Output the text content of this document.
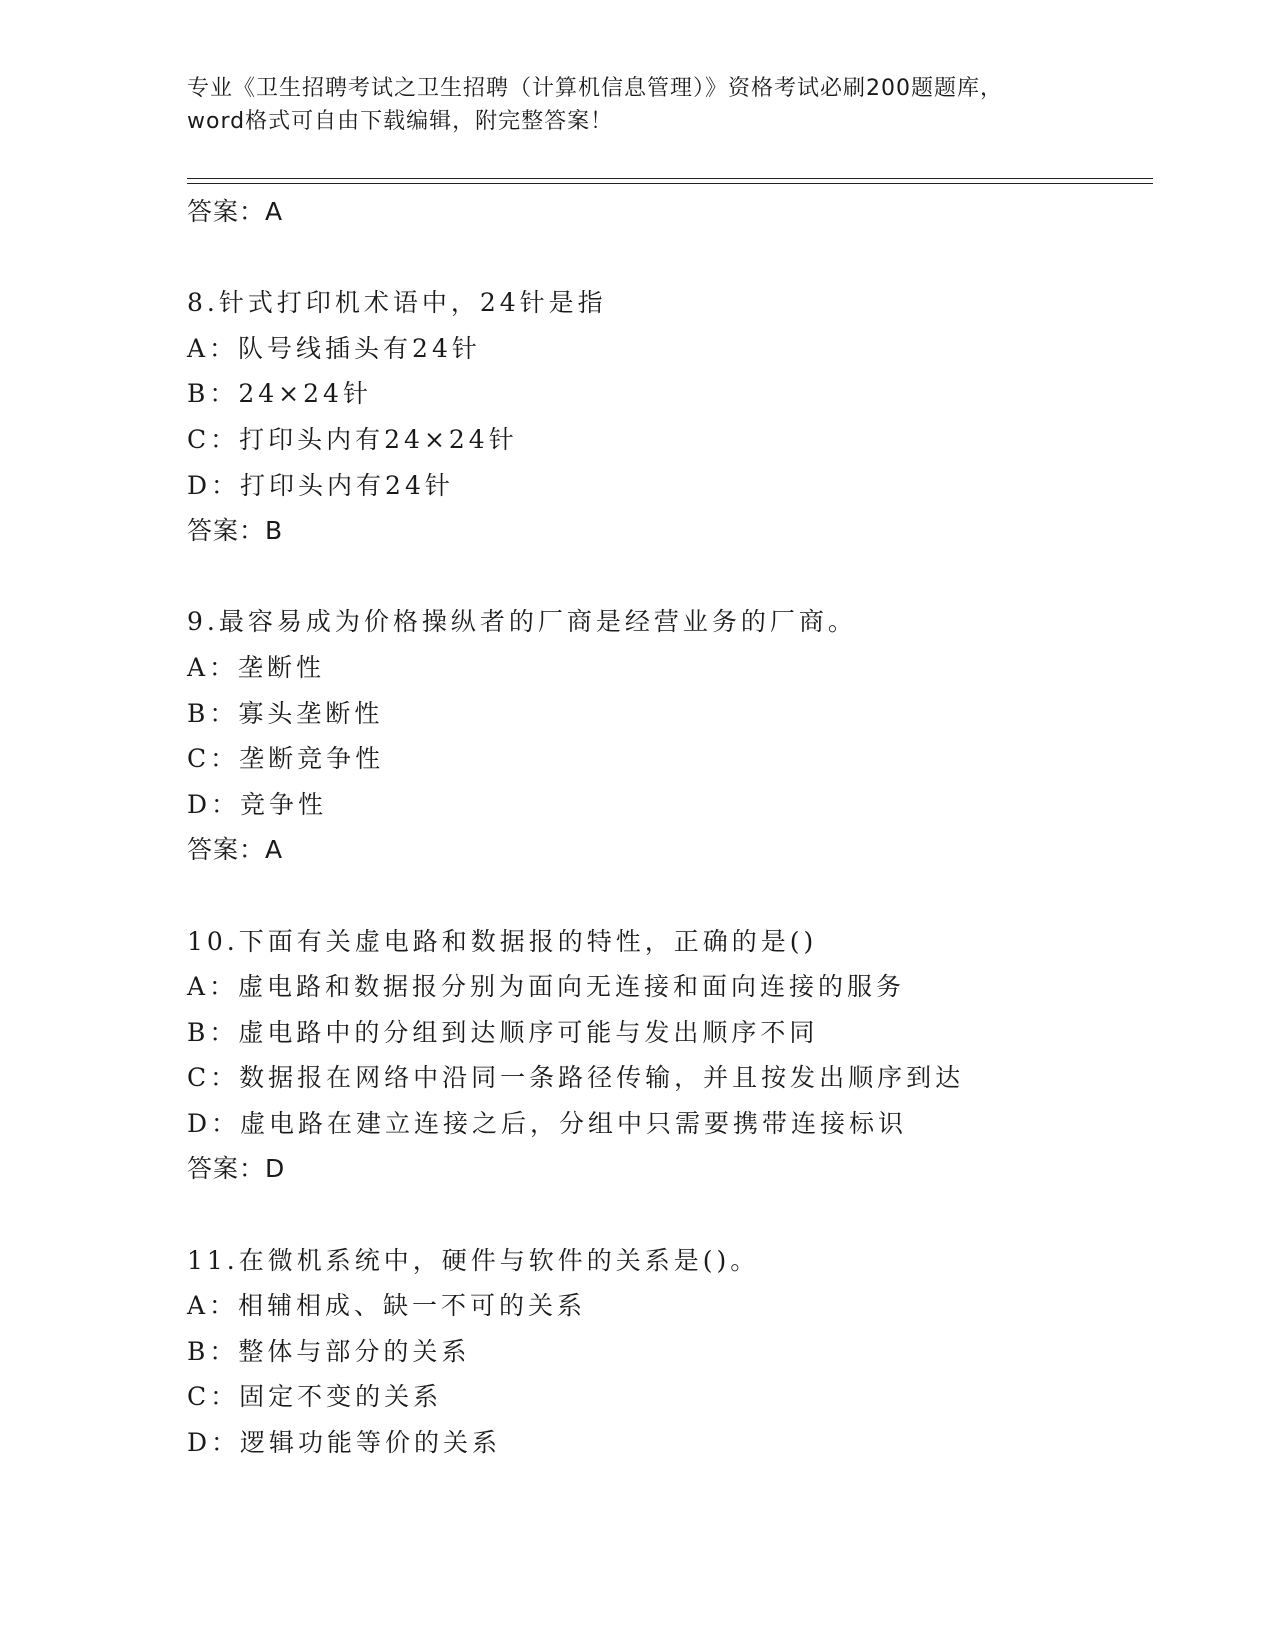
专业《卫生招聘考试之卫生招聘（计算机信息管理）》资格考试必刷200题题库，
word格式可自由下载编辑，附完整答案！
答案：A
8.针式打印机术语中，24针是指
A：队号线插头有24针
B：24×24针
C：打印头内有24×24针
D：打印头内有24针
答案：B
9.最容易成为价格操纵者的厂商是经营业务的厂商。
A：垄断性
B：寡头垄断性
C：垄断竞争性
D：竞争性
答案：A
10.下面有关虚电路和数据报的特性，正确的是()
A：虚电路和数据报分别为面向无连接和面向连接的服务
B：虚电路中的分组到达顺序可能与发出顺序不同
C：数据报在网络中沿同一条路径传输，并且按发出顺序到达
D：虚电路在建立连接之后，分组中只需要携带连接标识
答案：D
11.在微机系统中，硬件与软件的关系是()。
A：相辅相成、缺一不可的关系
B：整体与部分的关系
C：固定不变的关系
D：逻辑功能等价的关系
